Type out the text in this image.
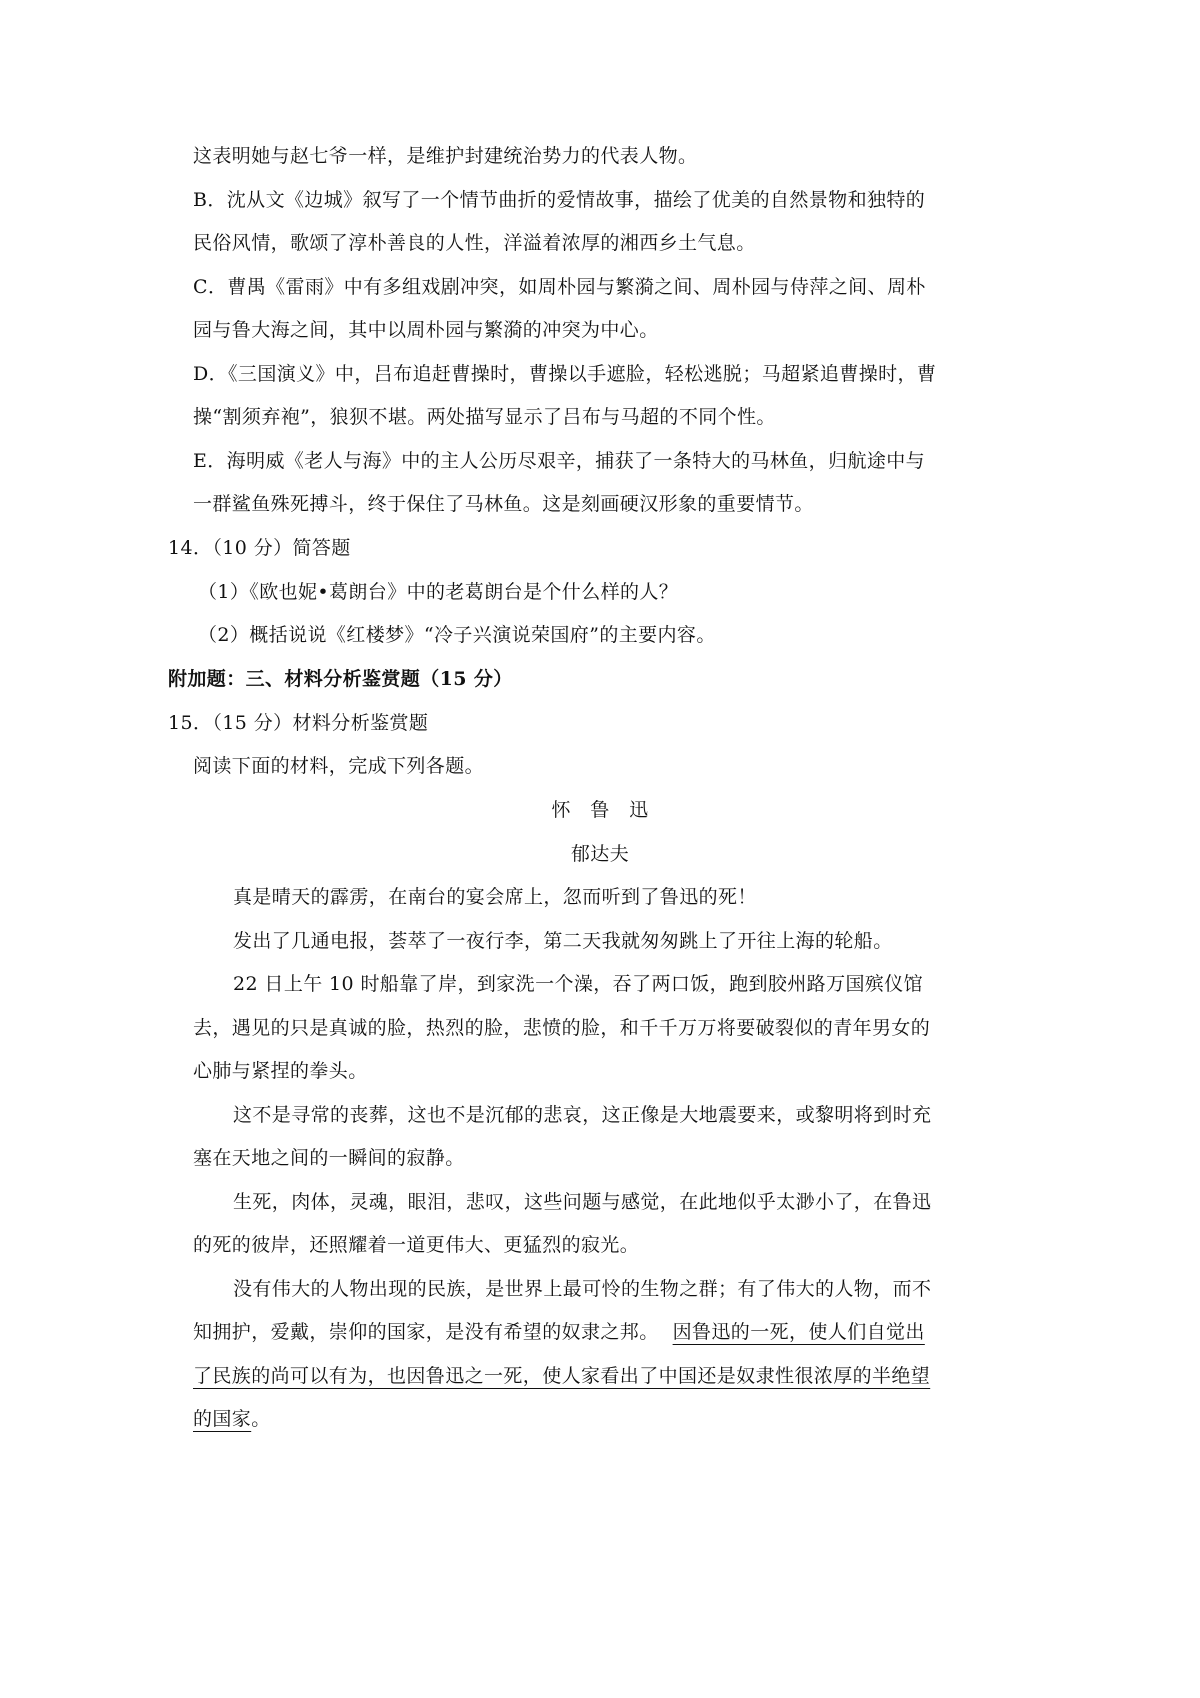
这表明她与赵七爷一样，是维护封建统治势力的代表人物。
B．沈从文《边城》叙写了一个情节曲折的爱情故事，描绘了优美的自然景物和独特的
民俗风情，歌颂了淳朴善良的人性，洋溢着浓厚的湘西乡土气息。
C．曹禺《雷雨》中有多组戏剧冲突，如周朴园与繁漪之间、周朴园与侍萍之间、周朴
园与鲁大海之间，其中以周朴园与繁漪的冲突为中心。
D．《三国演义》中，吕布追赶曹操时，曹操以手遮脸，轻松逃脱；马超紧追曹操时，曹
操“割须弃袍”，狼狈不堪。两处描写显示了吕布与马超的不同个性。
E．海明威《老人与海》中的主人公历尽艰辛，捕获了一条特大的马林鱼，归航途中与
一群鲨鱼殊死搏斗，终于保住了马林鱼。这是刻画硬汉形象的重要情节。
14．（10 分）简答题
（1）《欧也妮•葛朗台》中的老葛朗台是个什么样的人？
（2）概括说说《红楼梦》“冷子兴演说荣国府”的主要内容。
附加题：三、材料分析鉴赏题（15 分）
15．（15 分）材料分析鉴赏题
阅读下面的材料，完成下列各题。
怀　鲁　迅
郁达夫
真是晴天的霹雳，在南台的宴会席上，忽而听到了鲁迅的死！
发出了几通电报，荟萃了一夜行李，第二天我就匆匆跳上了开往上海的轮船。
22 日上午 10 时船靠了岸，到家洗一个澡，吞了两口饭，跑到胶州路万国殡仪馆
去，遇见的只是真诚的脸，热烈的脸，悲愤的脸，和千千万万将要破裂似的青年男女的
心肺与紧捏的拳头。
这不是寻常的丧葬，这也不是沉郁的悲哀，这正像是大地震要来，或黎明将到时充
塞在天地之间的一瞬间的寂静。
生死，肉体，灵魂，眼泪，悲叹，这些问题与感觉，在此地似乎太渺小了，在鲁迅
的死的彼岸，还照耀着一道更伟大、更猛烈的寂光。
没有伟大的人物出现的民族，是世界上最可怜的生物之群；有了伟大的人物，而不
知拥护，爱戴，崇仰的国家，是没有希望的奴隶之邦。 因鲁迅的一死，使人们自觉出
了民族的尚可以有为，也因鲁迅之一死，使人家看出了中国还是奴隶性很浓厚的半绝望
的国家。
